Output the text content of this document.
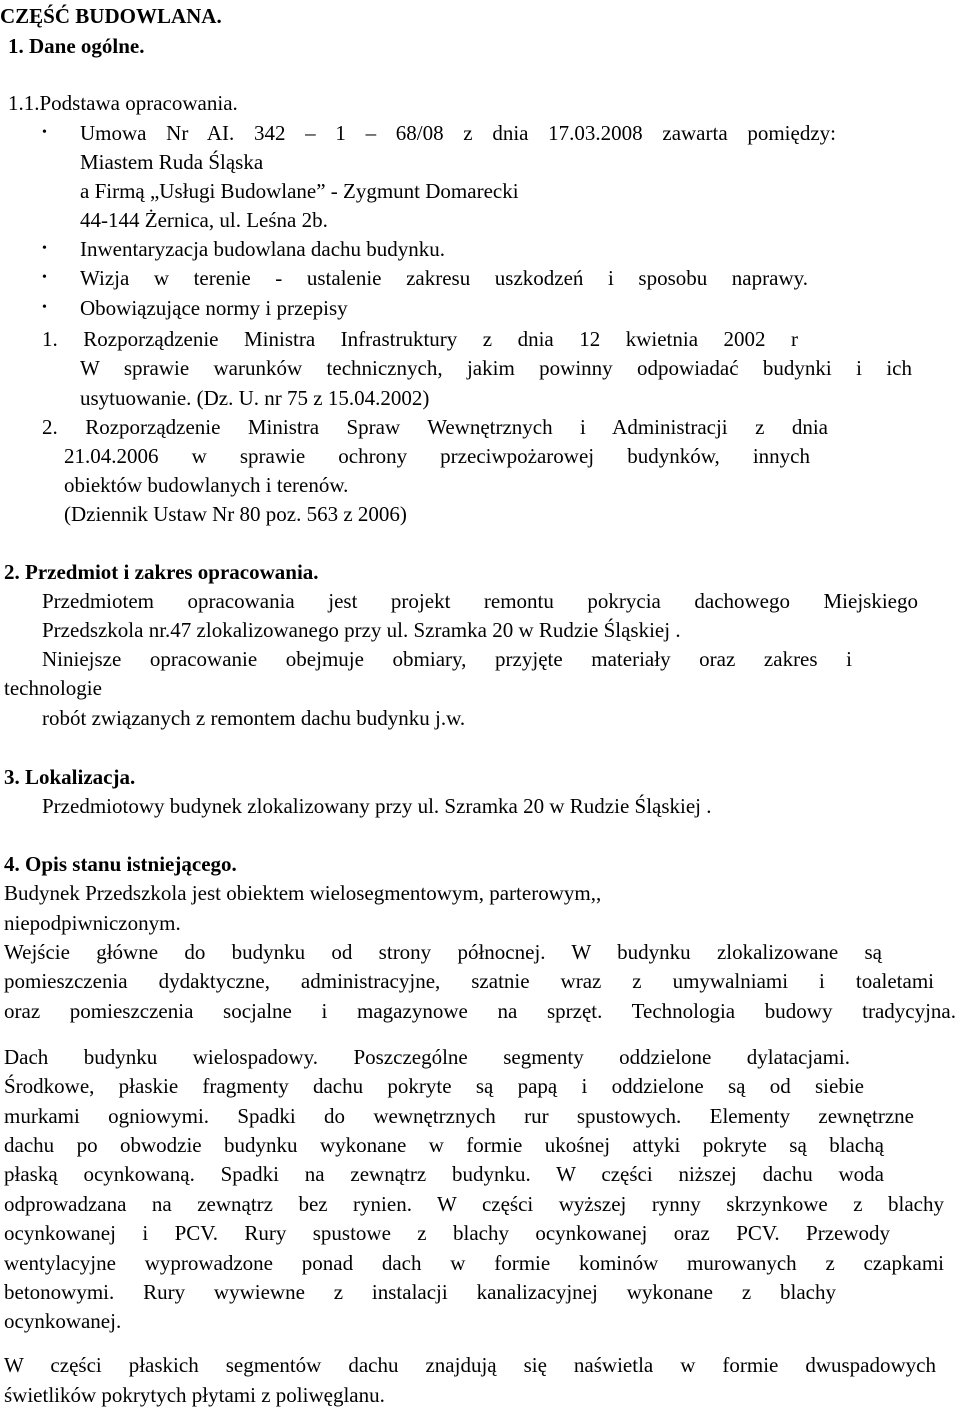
CZĘŚĆ BUDOWLANA.
1. Dane ogólne.
1.1.Podstawa opracowania.
• Umowa Nr AI. 342 – 1 – 68/08 z dnia 17.03.2008 zawarta pomiędzy:
Miastem Ruda Śląska
a Firmą „Usługi Budowlane” - Zygmunt Domarecki
44-144 Żernica, ul. Leśna 2b.
• Inwentaryzacja budowlana dachu budynku.
• Wizja w terenie - ustalenie zakresu uszkodzeń i sposobu naprawy.
• Obowiązujące normy i przepisy
1. Rozporządzenie Ministra Infrastruktury z dnia 12 kwietnia 2002 r
W sprawie warunków technicznych, jakim powinny odpowiadać budynki i ich
usytuowanie. (Dz. U. nr 75 z 15.04.2002)
2. Rozporządzenie Ministra Spraw Wewnętrznych i Administracji z dnia
21.04.2006 w sprawie ochrony przeciwpożarowej budynków, innych
obiektów budowlanych i terenów.
(Dziennik Ustaw Nr 80 poz. 563 z 2006)
2. Przedmiot i zakres opracowania.
Przedmiotem opracowania jest projekt remontu pokrycia dachowego Miejskiego
Przedszkola nr.47 zlokalizowanego przy ul. Szramka 20 w Rudzie Śląskiej .
Niniejsze opracowanie obejmuje obmiary, przyjęte materiały oraz zakres i
technologie
robót związanych z remontem dachu budynku j.w.
3. Lokalizacja.
Przedmiotowy budynek zlokalizowany przy ul. Szramka 20 w Rudzie Śląskiej .
4. Opis stanu istniejącego.
Budynek Przedszkola jest obiektem wielosegmentowym, parterowym,,
niepodpiwniczonym.
Wejście główne do budynku od strony północnej. W budynku zlokalizowane są
pomieszczenia dydaktyczne, administracyjne, szatnie wraz z umywalniami i toaletami
oraz pomieszczenia socjalne i magazynowe na sprzęt. Technologia budowy tradycyjna.
Dach budynku wielospadowy. Poszczególne segmenty oddzielone dylatacjami.
Środkowe, płaskie fragmenty dachu pokryte są papą i oddzielone są od siebie
murkami ogniowymi. Spadki do wewnętrznych rur spustowych. Elementy zewnętrzne
dachu po obwodzie budynku wykonane w formie ukośnej attyki pokryte są blachą
płaską ocynkowaną. Spadki na zewnątrz budynku. W części niższej dachu woda
odprowadzana na zewnątrz bez rynien. W części wyższej rynny skrzynkowe z blachy
ocynkowanej i PCV. Rury spustowe z blachy ocynkowanej oraz PCV. Przewody
wentylacyjne wyprowadzone ponad dach w formie kominów murowanych z czapkami
betonowymi. Rury wywiewne z instalacji kanalizacyjnej wykonane z blachy
ocynkowanej.
W części płaskich segmentów dachu znajdują się naświetla w formie dwuspadowych
świetlików pokrytych płytami z poliwęglanu.
